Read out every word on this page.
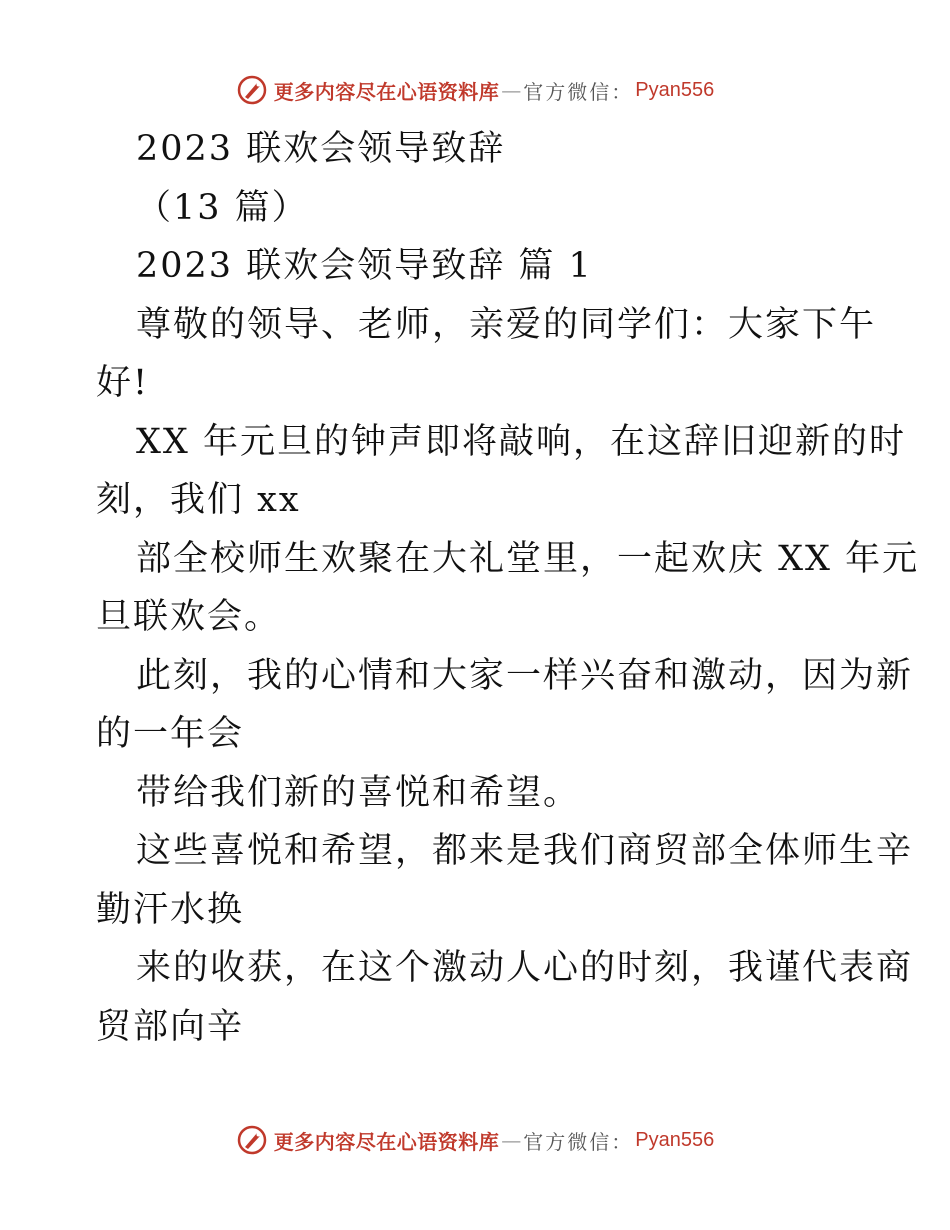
更多内容尽在心语资料库 — 官方微信： Pyan556
2023 联欢会领导致辞
（13 篇）
2023 联欢会领导致辞 篇 1
尊敬的领导、老师，亲爱的同学们：大家下午
好!
XX 年元旦的钟声即将敲响，在这辞旧迎新的时
刻，我们 xx
部全校师生欢聚在大礼堂里，一起欢庆 XX 年元
旦联欢会。
此刻，我的心情和大家一样兴奋和激动，因为新
的一年会
带给我们新的喜悦和希望。
这些喜悦和希望，都来是我们商贸部全体师生辛
勤汗水换
来的收获，在这个激动人心的时刻，我谨代表商
贸部向辛
更多内容尽在心语资料库 — 官方微信： Pyan556
